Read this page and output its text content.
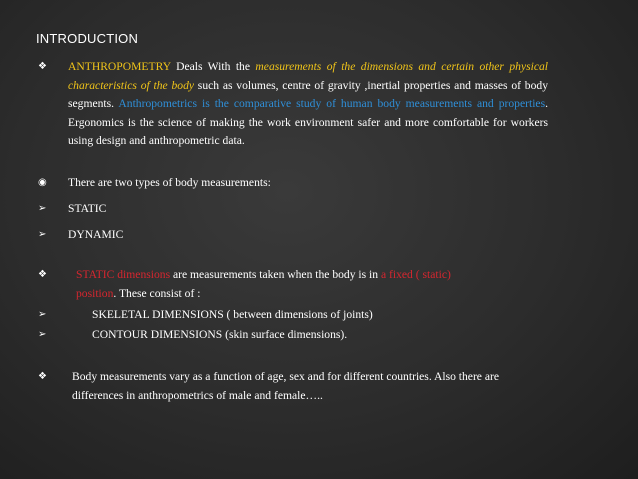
INTRODUCTION
❖	ANTHROPOMETRY Deals With the measurements of the dimensions and certain other physical characteristics of the body such as volumes, centre of gravity ,inertial properties and masses of body segments. Anthropometrics is the comparative study of human body measurements and properties. Ergonomics is the science of making the work environment safer and more comfortable for workers using design and anthropometric data.
◉	There are two types of body measurements:
➢	STATIC
➢	DYNAMIC
❖	STATIC dimensions are measurements taken when the body is in a fixed ( static)
position. These consist of :
➢	SKELETAL DIMENSIONS ( between dimensions of joints)
➢	CONTOUR DIMENSIONS (skin surface dimensions).
❖	Body measurements vary as a function of age, sex and for different countries. Also there are differences in anthropometrics of male and female…..
